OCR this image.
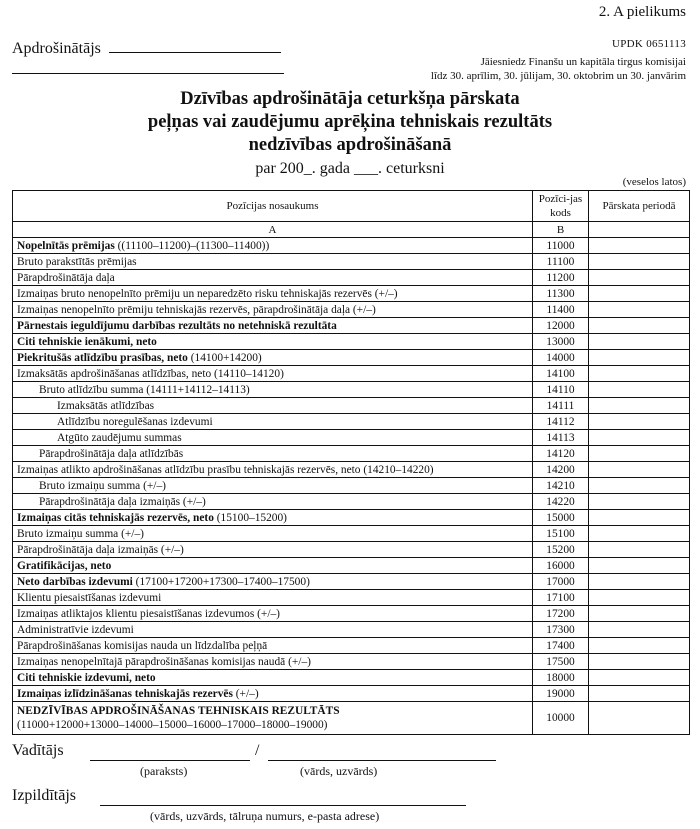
2. A pielikums
Apdrošinātājs	UPDK 0651113
Jāiesniedz Finanšu un kapitāla tirgus komisijai
līdz 30. aprīlim, 30. jūlijam, 30. oktobrim un 30. janvārim
Dzīvības apdrošinātāja ceturkšņa pārskata
peļņas vai zaudējumu aprēķina tehniskais rezultāts
nedzīvības apdrošināšanā
par 200_. gada ___. ceturksni
(veselos latos)
Pozīcijas nosaukums	Pozīci-jas kods	Pārskata periodā
A	B	
Nopelnītās prēmijas ((11100–11200)–(11300–11400))	11000	
Bruto parakstītās prēmijas	11100	
Pārapdrošinātāja daļa	11200	
Izmaiņas bruto nenopelnīto prēmiju un neparedzēto risku tehniskajās rezervēs (+/–)	11300	
Izmaiņas nenopelnīto prēmiju tehniskajās rezervēs, pārapdrošinātāja daļa (+/–)	11400	
Pārnestais ieguldījumu darbības rezultāts no netehniskā rezultāta	12000	
Citi tehniskie ienākumi, neto	13000	
Piekritušās atlīdzību prasības, neto (14100+14200)	14000	
Izmaksātās apdrošināšanas atlīdzības, neto (14110–14120)	14100	
Bruto atlīdzību summa (14111+14112–14113)	14110	
Izmaksātās atlīdzības	14111	
Atlīdzību noregulēšanas izdevumi	14112	
Atgūto zaudējumu summas	14113	
Pārapdrošinātāja daļa atlīdzībās	14120	
Izmaiņas atlikto apdrošināšanas atlīdzību prasību tehniskajās rezervēs, neto (14210–14220)	14200	
Bruto izmaiņu summa (+/–)	14210	
Pārapdrošinātāja daļa izmaiņās (+/–)	14220	
Izmaiņas citās tehniskajās rezervēs, neto (15100–15200)	15000	
Bruto izmaiņu summa (+/–)	15100	
Pārapdrošinātāja daļa izmaiņās (+/–)	15200	
Gratifikācijas, neto	16000	
Neto darbības izdevumi (17100+17200+17300–17400–17500)	17000	
Klientu piesaistīšanas izdevumi	17100	
Izmaiņas atliktajos klientu piesaistīšanas izdevumos (+/–)	17200	
Administratīvie izdevumi	17300	
Pārapdrošināšanas komisijas nauda un līdzdalība peļņā	17400	
Izmaiņas nenopelnītajā pārapdrošināšanas komisijas naudā (+/–)	17500	
Citi tehniskie izdevumi, neto	18000	
Izmaiņas izlīdzināšanas tehniskajās rezervēs (+/–)	19000	

NEDZĪVĪBAS APDROŠINĀŠANAS TEHNISKAIS REZULTĀTS
(11000+12000+13000–14000–15000–16000–17000–18000–19000)	10000	
Vadītājs	/
(paraksts)	(vārds, uzvārds)
Izpildītājs
(vārds, uzvārds, tālruņa numurs, e-pasta adrese)
